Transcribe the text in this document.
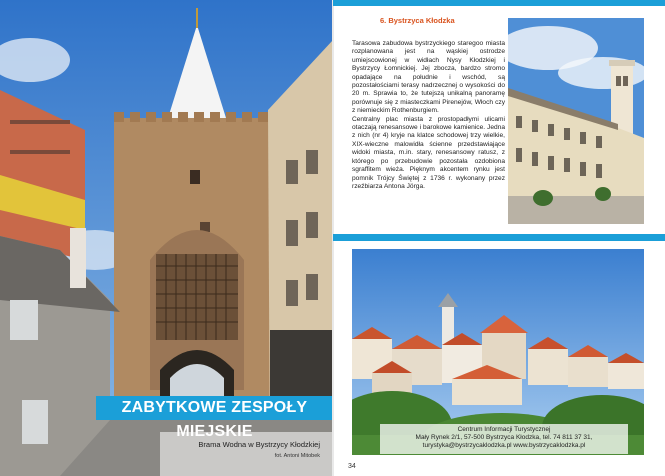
ZABYTKOWE ZESPOŁY
Brama Wodna w Bystrzycy Kłodzkiej
fot. Antoni Mitobek
6. Bystrzyca Kłodzka

Tarasowa zabudowa bystrzyckiego staregoo miasta rozplanowana jest na wąskiej ostrodze umiejscowionej w widłach Nysy Kłodzkiej i Bystrzycy Łomnickiej. Jej zbocza, bardzo stromo opadające na południe i wschód, są pozostałościami terasy nadrzecznej o wysokości do 20 m. Sprawia to, że tutejszą unikalną panoramę porównuje się z miasteczkami Pirenejów, Włoch czy z niemieckim Rothenburgiem.

Centralny plac miasta z prostopadłymi ulicami otaczają renesansowe i barokowe kamienice. Jedna z nich (nr 4) kryje na klatce schodowej trzy wielkie, XIX-wieczne malowidła ścienne przedstawiające widoki miasta, m.in. stary, renesansowy ratusz, z którego po przebudowie pozostała ozdobiona sgraffitem wieża. Pięknym akcentem rynku jest pomnik Trójcy Świętej z 1736 r. wykonany przez rzeźbiarza Antona Jörga.

Centrum Informacji Turystycznej
Mały Rynek 2/1, 57-500 Bystrzyca Kłodzka, tel. 74 811 37 31,
turystyka@bystrzycaklodzka.pl www.bystrzycaklodzka.pl
34
